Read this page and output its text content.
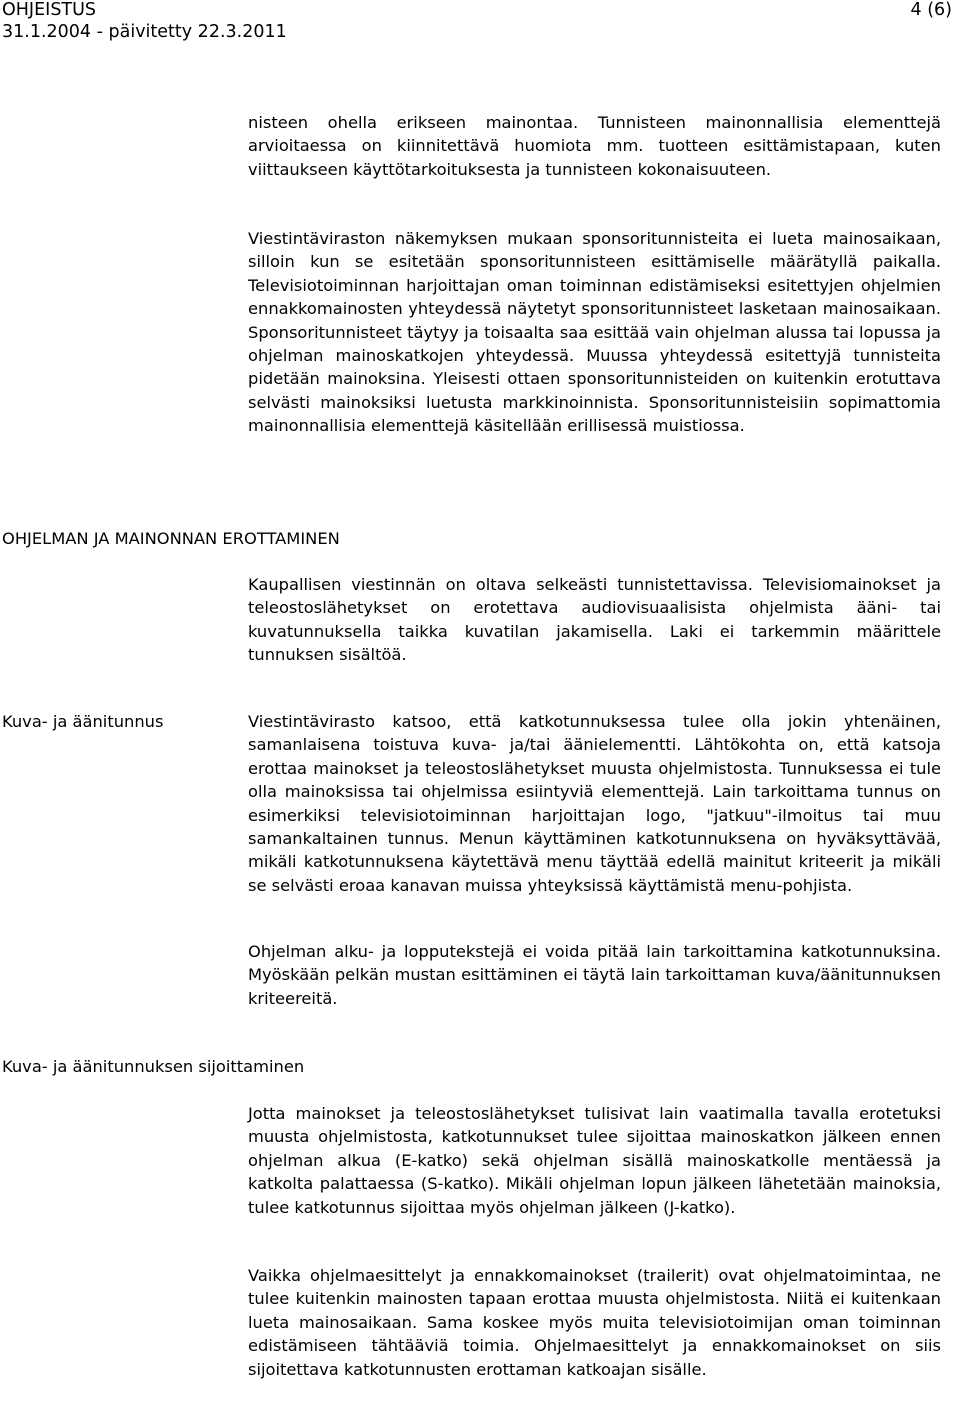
OHJEISTUS
31.1.2004 - päivitetty 22.3.2011
4 (6)

nisteen ohella erikseen mainontaa. Tunnisteen mainonnallisia elementtejä arvioitaessa on kiinnitettävä huomiota mm. tuotteen esittämistapaan, kuten viittaukseen käyttötarkoituksesta ja tunnisteen kokonaisuuteen.

Viestintäviraston näkemyksen mukaan sponsoritunnisteita ei lueta mainosaikaan, silloin kun se esitetään sponsoritunnisteen esittämiselle määrätyllä paikalla. Televisiotoiminnan harjoittajan oman toiminnan edistämiseksi esitettyjen ohjelmien ennakkomainosten yhteydessä näytetyt sponsoritunnisteet lasketaan mainosaikaan. Sponsoritunnisteet täytyy ja toisaalta saa esittää vain ohjelman alussa tai lopussa ja ohjelman mainoskatkojen yhteydessä. Muussa yhteydessä esitettyjä tunnisteita pidetään mainoksina. Yleisesti ottaen sponsoritunnisteiden on kuitenkin erotuttava selvästi mainoksiksi luetusta markkinoinnista. Sponsoritunnisteisiin sopimattomia mainonnallisia elementtejä käsitellään erillisessä muistiossa.

OHJELMAN JA MAINONNAN EROTTAMINEN

Kaupallisen viestinnän on oltava selkeästi tunnistettavissa. Televisiomainokset ja teleostoslähetykset on erotettava audiovisuaalisista ohjelmista ääni- tai kuvatunnuksella taikka kuvatilan jakamisella. Laki ei tarkemmin määrittele tunnuksen sisältöä.

Kuva- ja äänitunnus	Viestintävirasto katsoo, että katkotunnuksessa tulee olla jokin yhtenäinen, samanlaisena toistuva kuva- ja/tai äänielementti. Lähtökohta on, että katsoja erottaa mainokset ja teleostoslähetykset muusta ohjelmistosta. Tunnuksessa ei tule olla mainoksissa tai ohjelmissa esiintyviä elementtejä. Lain tarkoittama tunnus on esimerkiksi televisiotoiminnan harjoittajan logo, "jatkuu"-ilmoitus tai muu samankaltainen tunnus. Menun käyttäminen katkotunnuksena on hyväksyttävää, mikäli katkotunnuksena käytettävä menu täyttää edellä mainitut kriteerit ja mikäli se selvästi eroaa kanavan muissa yhteyksissä käyttämistä menu-pohjista.

Ohjelman alku- ja lopputekstejä ei voida pitää lain tarkoittamina katkotunnuksina. Myöskään pelkän mustan esittäminen ei täytä lain tarkoittaman kuva/äänitunnuksen kriteereitä.

Kuva- ja äänitunnuksen sijoittaminen

Jotta mainokset ja teleostoslähetykset tulisivat lain vaatimalla tavalla erotetuksi muusta ohjelmistosta, katkotunnukset tulee sijoittaa mainoskatkon jälkeen ennen ohjelman alkua (E-katko) sekä ohjelman sisällä mainoskatkolle mentäessä ja katkolta palattaessa (S-katko). Mikäli ohjelman lopun jälkeen lähetetään mainoksia, tulee katkotunnus sijoittaa myös ohjelman jälkeen (J-katko).

Vaikka ohjelmaesittelyt ja ennakkomainokset (trailerit) ovat ohjelmatoimintaa, ne tulee kuitenkin mainosten tapaan erottaa muusta ohjelmistosta. Niitä ei kuitenkaan lueta mainosaikaan. Sama koskee myös muita televisiotoimijan oman toiminnan edistämiseen tähtääviä toimia. Ohjelmaesittelyt ja ennakkomainokset on siis sijoitettava katkotunnusten erottaman katkoajan sisälle.
